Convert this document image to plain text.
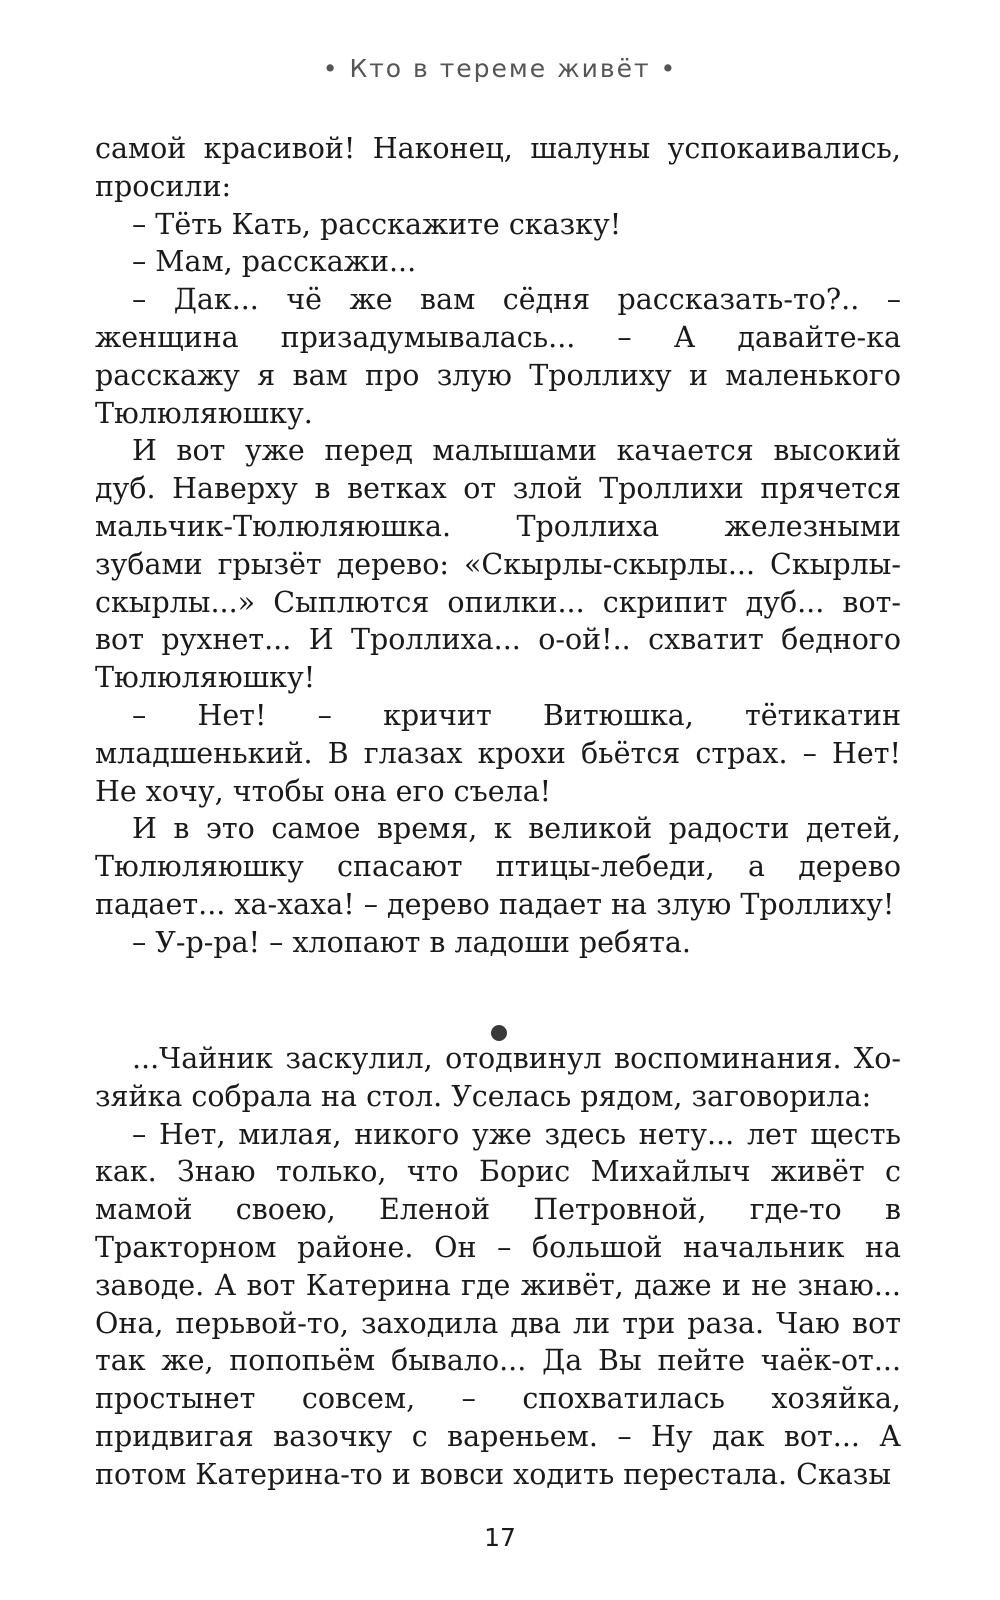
• Кто в тереме живёт •

самой красивой! Наконец, шалуны успокаивались, просили:

– Тёть Кать, расскажите сказку!

– Мам, расскажи...

– Дак... чё же вам сёдня рассказать-то?.. – женщина призадумывалась... – А давайте-ка расскажу я вам про злую Троллиху и маленького Тюлюляюшку.

И вот уже перед малышами качается высокий дуб. Наверху в ветках от злой Троллихи прячется мальчик-Тюлюляюшка. Троллиха железными зубами грызёт дерево: «Скырлы-скырлы... Скырлы-скырлы...» Сыплются опилки... скрипит дуб... вот-вот рухнет... И Троллиха... о-ой!.. схватит бедного Тюлюляюшку!

– Нет! – кричит Витюшка, тётикатин младшенький. В глазах крохи бьётся страх. – Нет! Не хочу, чтобы она его съела!

И в это самое время, к великой радости детей, Тюлюляюшку спасают птицы-лебеди, а дерево падает... ха-хаха! – дерево падает на злую Троллиху!

– У-р-ра! – хлопают в ладоши ребята.

...Чайник заскулил, отодвинул воспоминания. Хозяйка собрала на стол. Уселась рядом, заговорила:

– Нет, милая, никого уже здесь нету... лет щесть как. Знаю только, что Борис Михайлыч живёт с мамой своею, Еленой Петровной, где-то в Тракторном районе. Он – большой начальник на заводе. А вот Катерина где живёт, даже и не знаю... Она, перьвой-то, заходила два ли три раза. Чаю вот так же, попопьём бывало... Да Вы пейте чаёк-от... простынет совсем, – спохватилась хозяйка, придвигая вазочку с вареньем. – Ну дак вот... А потом Катерина-то и вовси ходить перестала. Сказы

17
